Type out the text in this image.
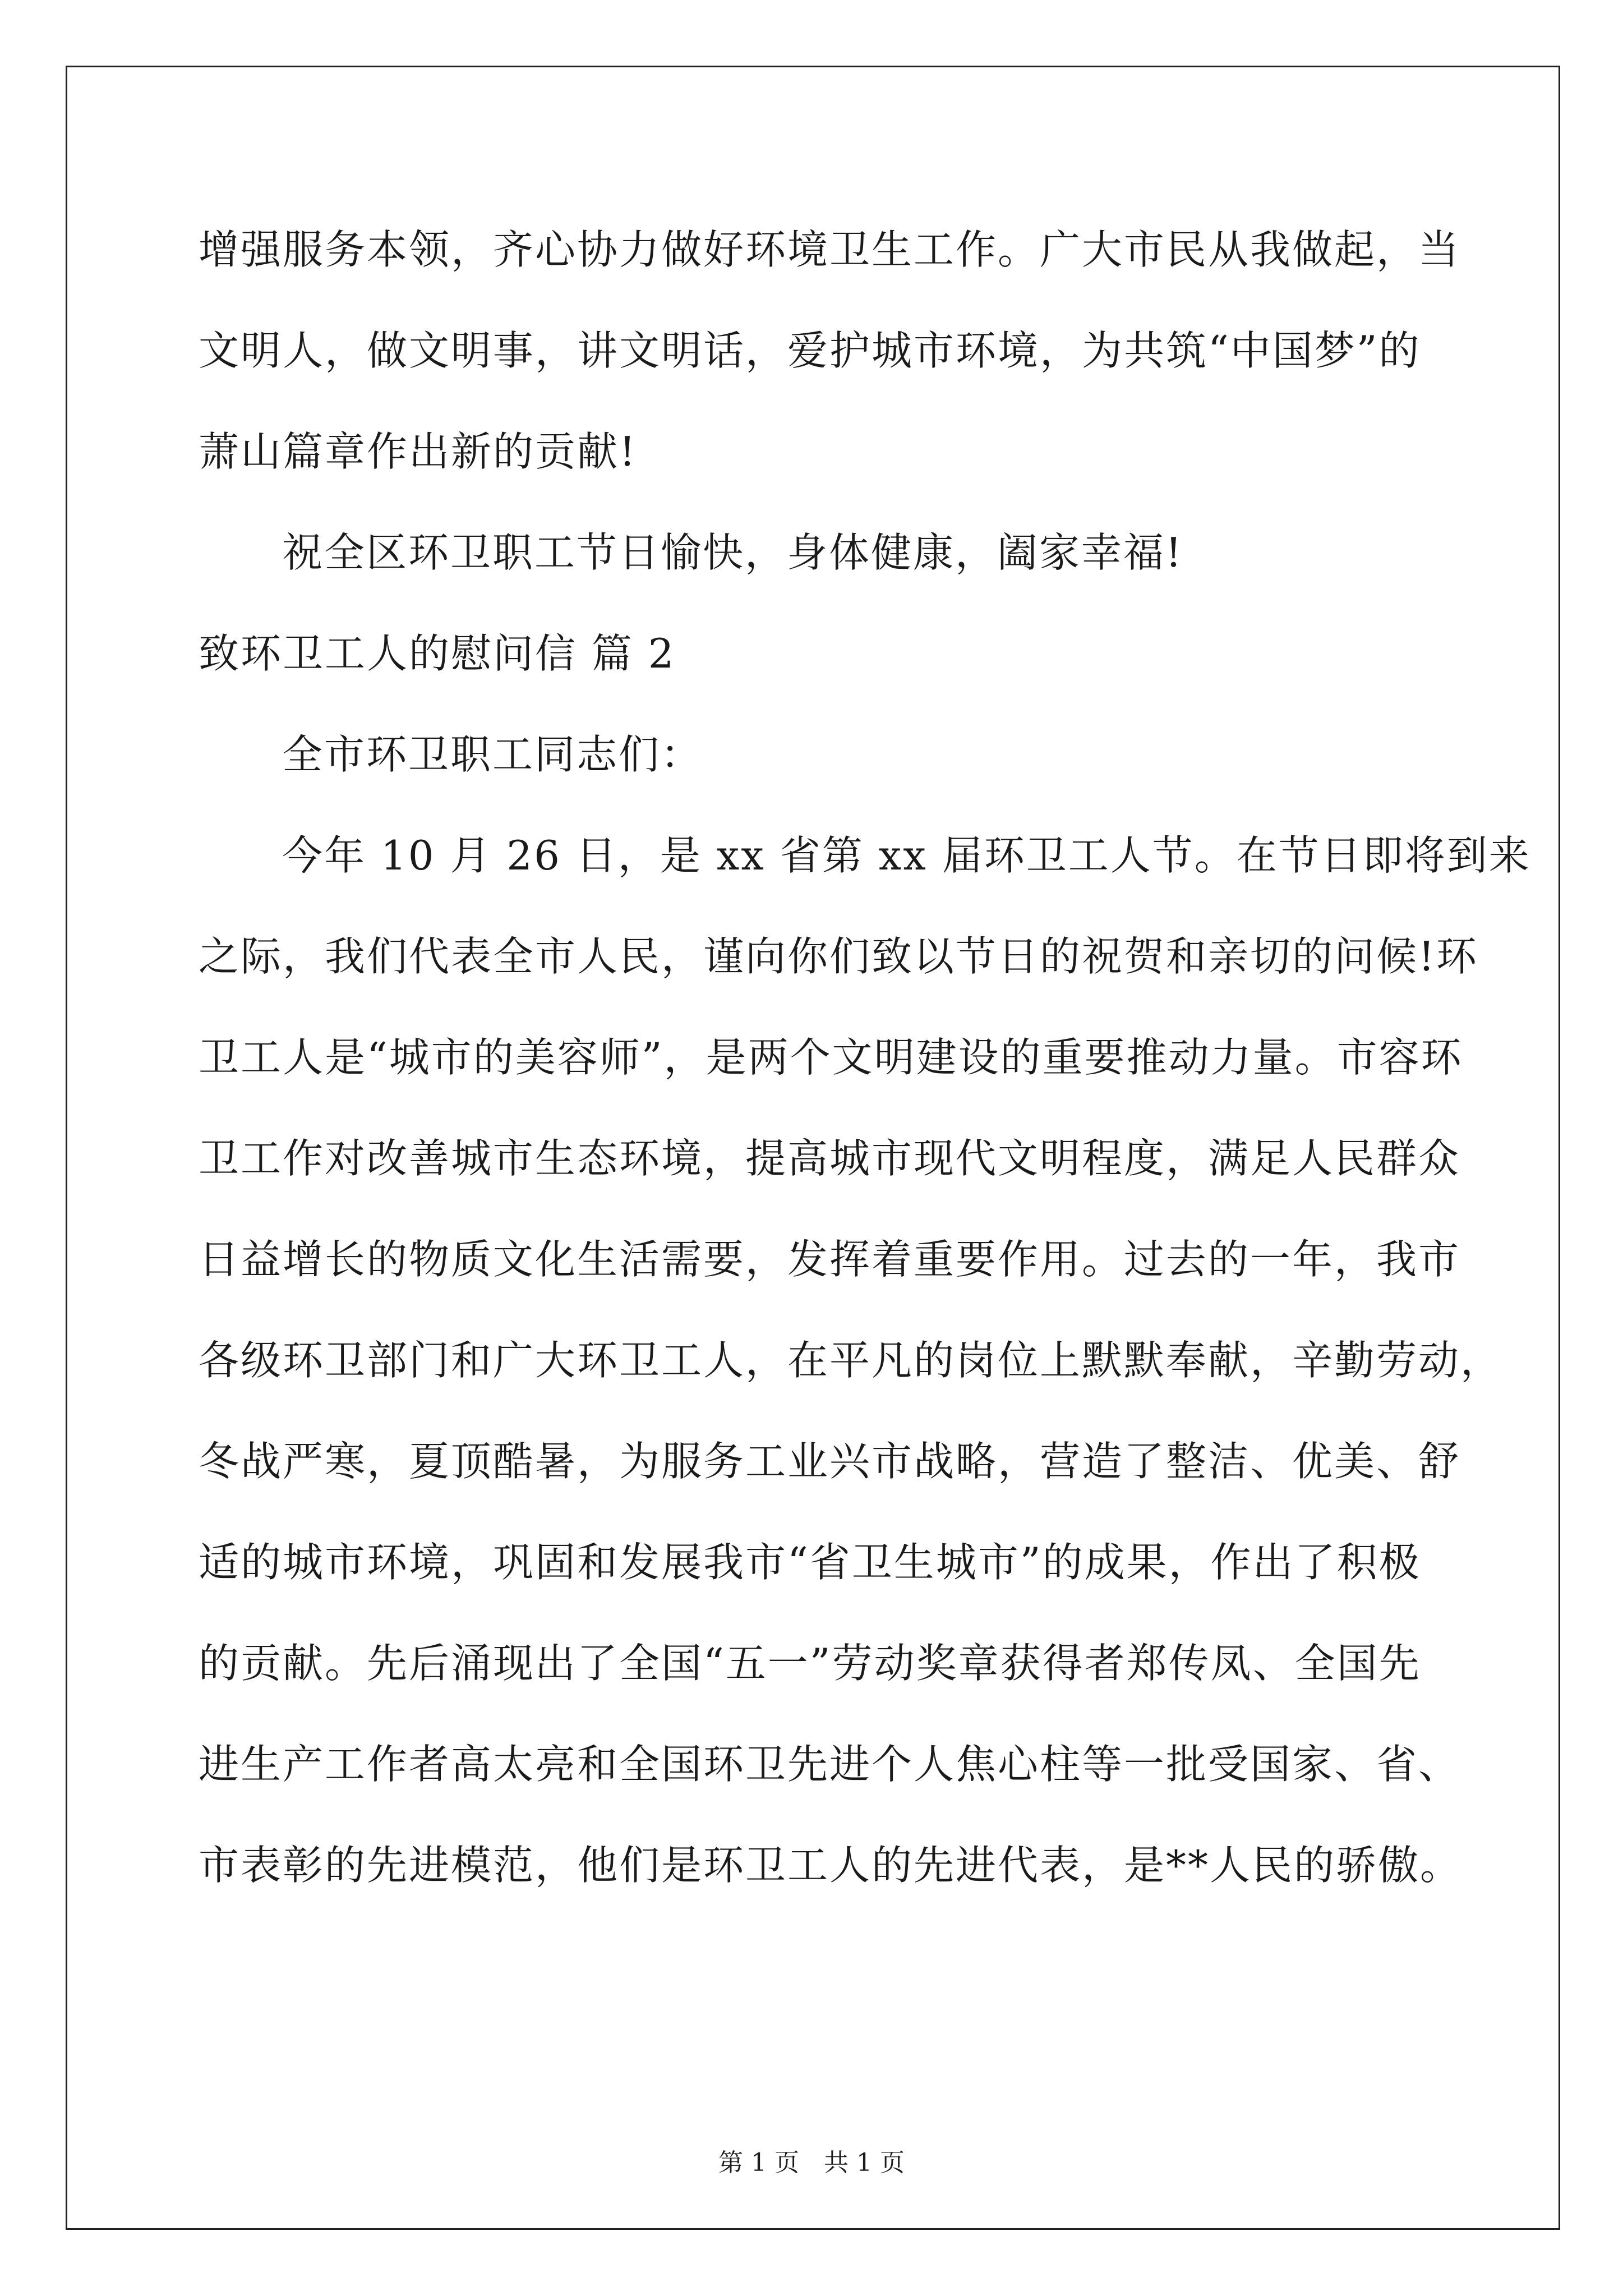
增强服务本领，齐心协力做好环境卫生工作。广大市民从我做起，当
文明人，做文明事，讲文明话，爱护城市环境，为共筑“中国梦”的
萧山篇章作出新的贡献!
祝全区环卫职工节日愉快，身体健康，阖家幸福!
致环卫工人的慰问信 篇 2
全市环卫职工同志们：
今年 10 月 26 日，是 xx 省第 xx 届环卫工人节。在节日即将到来
之际，我们代表全市人民，谨向你们致以节日的祝贺和亲切的问候!环
卫工人是“城市的美容师”，是两个文明建设的重要推动力量。市容环
卫工作对改善城市生态环境，提高城市现代文明程度，满足人民群众
日益增长的物质文化生活需要，发挥着重要作用。过去的一年，我市
各级环卫部门和广大环卫工人，在平凡的岗位上默默奉献，辛勤劳动，
冬战严寒，夏顶酷暑，为服务工业兴市战略，营造了整洁、优美、舒
适的城市环境，巩固和发展我市“省卫生城市”的成果，作出了积极
的贡献。先后涌现出了全国“五一”劳动奖章获得者郑传凤、全国先
进生产工作者高太亮和全国环卫先进个人焦心柱等一批受国家、省、
市表彰的先进模范，他们是环卫工人的先进代表，是**人民的骄傲。
第 1 页　共 1 页
